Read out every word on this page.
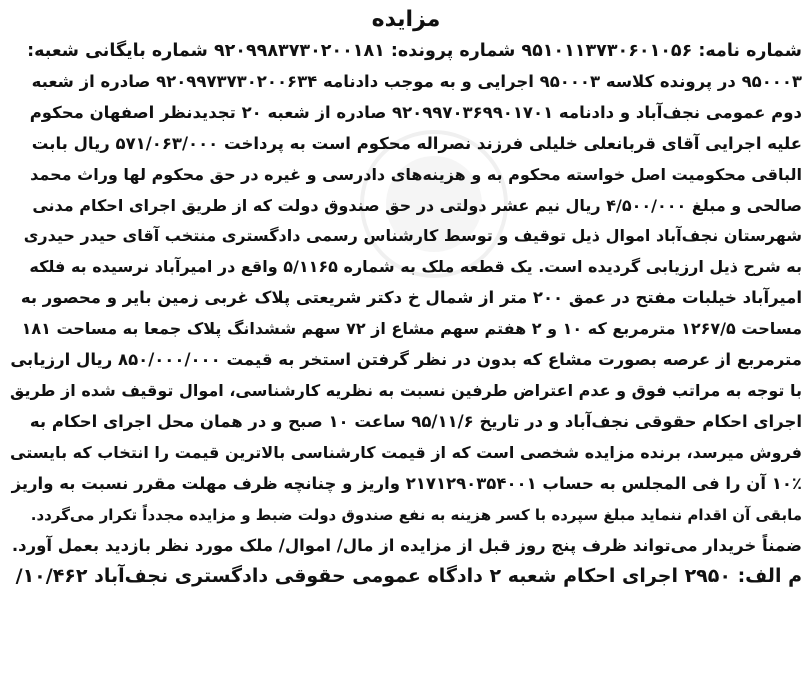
مزایده
شماره نامه: ۹۵۱۰۱۱۳۷۳۰۶۰۱۰۵۶ شماره پرونده: ۹۲۰۹۹۸۳۷۳۰۲۰۰۱۸۱ شماره بایگانی شعبه:
۹۵۰۰۰۳ در پرونده کلاسه ۹۵۰۰۰۳ اجرایی و به موجب دادنامه ۹۲۰۹۹۷۳۷۳۰۲۰۰۶۳۴ صادره از شعبه
دوم عمومی نجف‌آباد و دادنامه ۹۲۰۹۹۷۰۳۶۹۹۰۱۷۰۱ صادره از شعبه ۲۰ تجدیدنظر اصفهان محکوم
علیه اجرایی آقای قربانعلی خلیلی فرزند نصراله محکوم است به پرداخت ۵۷۱/۰۶۳/۰۰۰ ریال بابت
الباقی محکومیت اصل خواسته محکوم به و هزینه‌های دادرسی و غیره در حق محکوم لها وراث محمد
صالحی و مبلغ ۴/۵۰۰/۰۰۰ ریال نیم عشر دولتی در حق صندوق دولت که از طریق اجرای احکام مدنی
شهرستان نجف‌آباد اموال ذیل توقیف و توسط کارشناس رسمی دادگستری منتخب آقای حیدر حیدری
به شرح ذیل ارزیابی گردیده است. یک قطعه ملک به شماره ۵/۱۱۶۵ واقع در امیرآباد نرسیده به فلکه
امیرآباد خیلبات مفتح در عمق ۲۰۰ متر از شمال خ دکتر شریعتی پلاک غربی زمین بایر و محصور به
مساحت ۱۲۶۷/۵ مترمربع که ۱۰ و ۲ هفتم سهم مشاع از ۷۲ سهم ششدانگ پلاک جمعا به مساحت ۱۸۱
مترمربع از عرصه بصورت مشاع که بدون در نظر گرفتن استخر به قیمت ۸۵۰/۰۰۰/۰۰۰ ریال ارزیابی
با توجه به مراتب فوق و عدم اعتراض طرفین نسبت به نظریه کارشناسی، اموال توقیف شده از طریق
اجرای احکام حقوقی نجف‌آباد و در تاریخ ۹۵/۱۱/۶ ساعت ۱۰ صبح و در همان محل اجرای احکام به
فروش میرسد، برنده مزایده شخصی است که از قیمت کارشناسی بالاترین قیمت را انتخاب که بایستی
۱۰٪ آن را فی المجلس به حساب ۲۱۷۱۲۹۰۳۵۴۰۰۱ واریز و چنانچه ظرف مهلت مقرر نسبت به واریز
مابقی آن اقدام ننماید مبلغ سپرده با کسر هزینه به نفع صندوق دولت ضبط و مزایده مجدداً تکرار می‌گردد.
ضمناً خریدار می‌تواند ظرف پنج روز قبل از مزایده از مال/ اموال/ ملک مورد نظر بازدید بعمل آورد.
م الف: ۲۹۵۰ اجرای احکام شعبه ۲ دادگاه عمومی حقوقی دادگستری نجف‌آباد ۱۰/۴۶۲/
